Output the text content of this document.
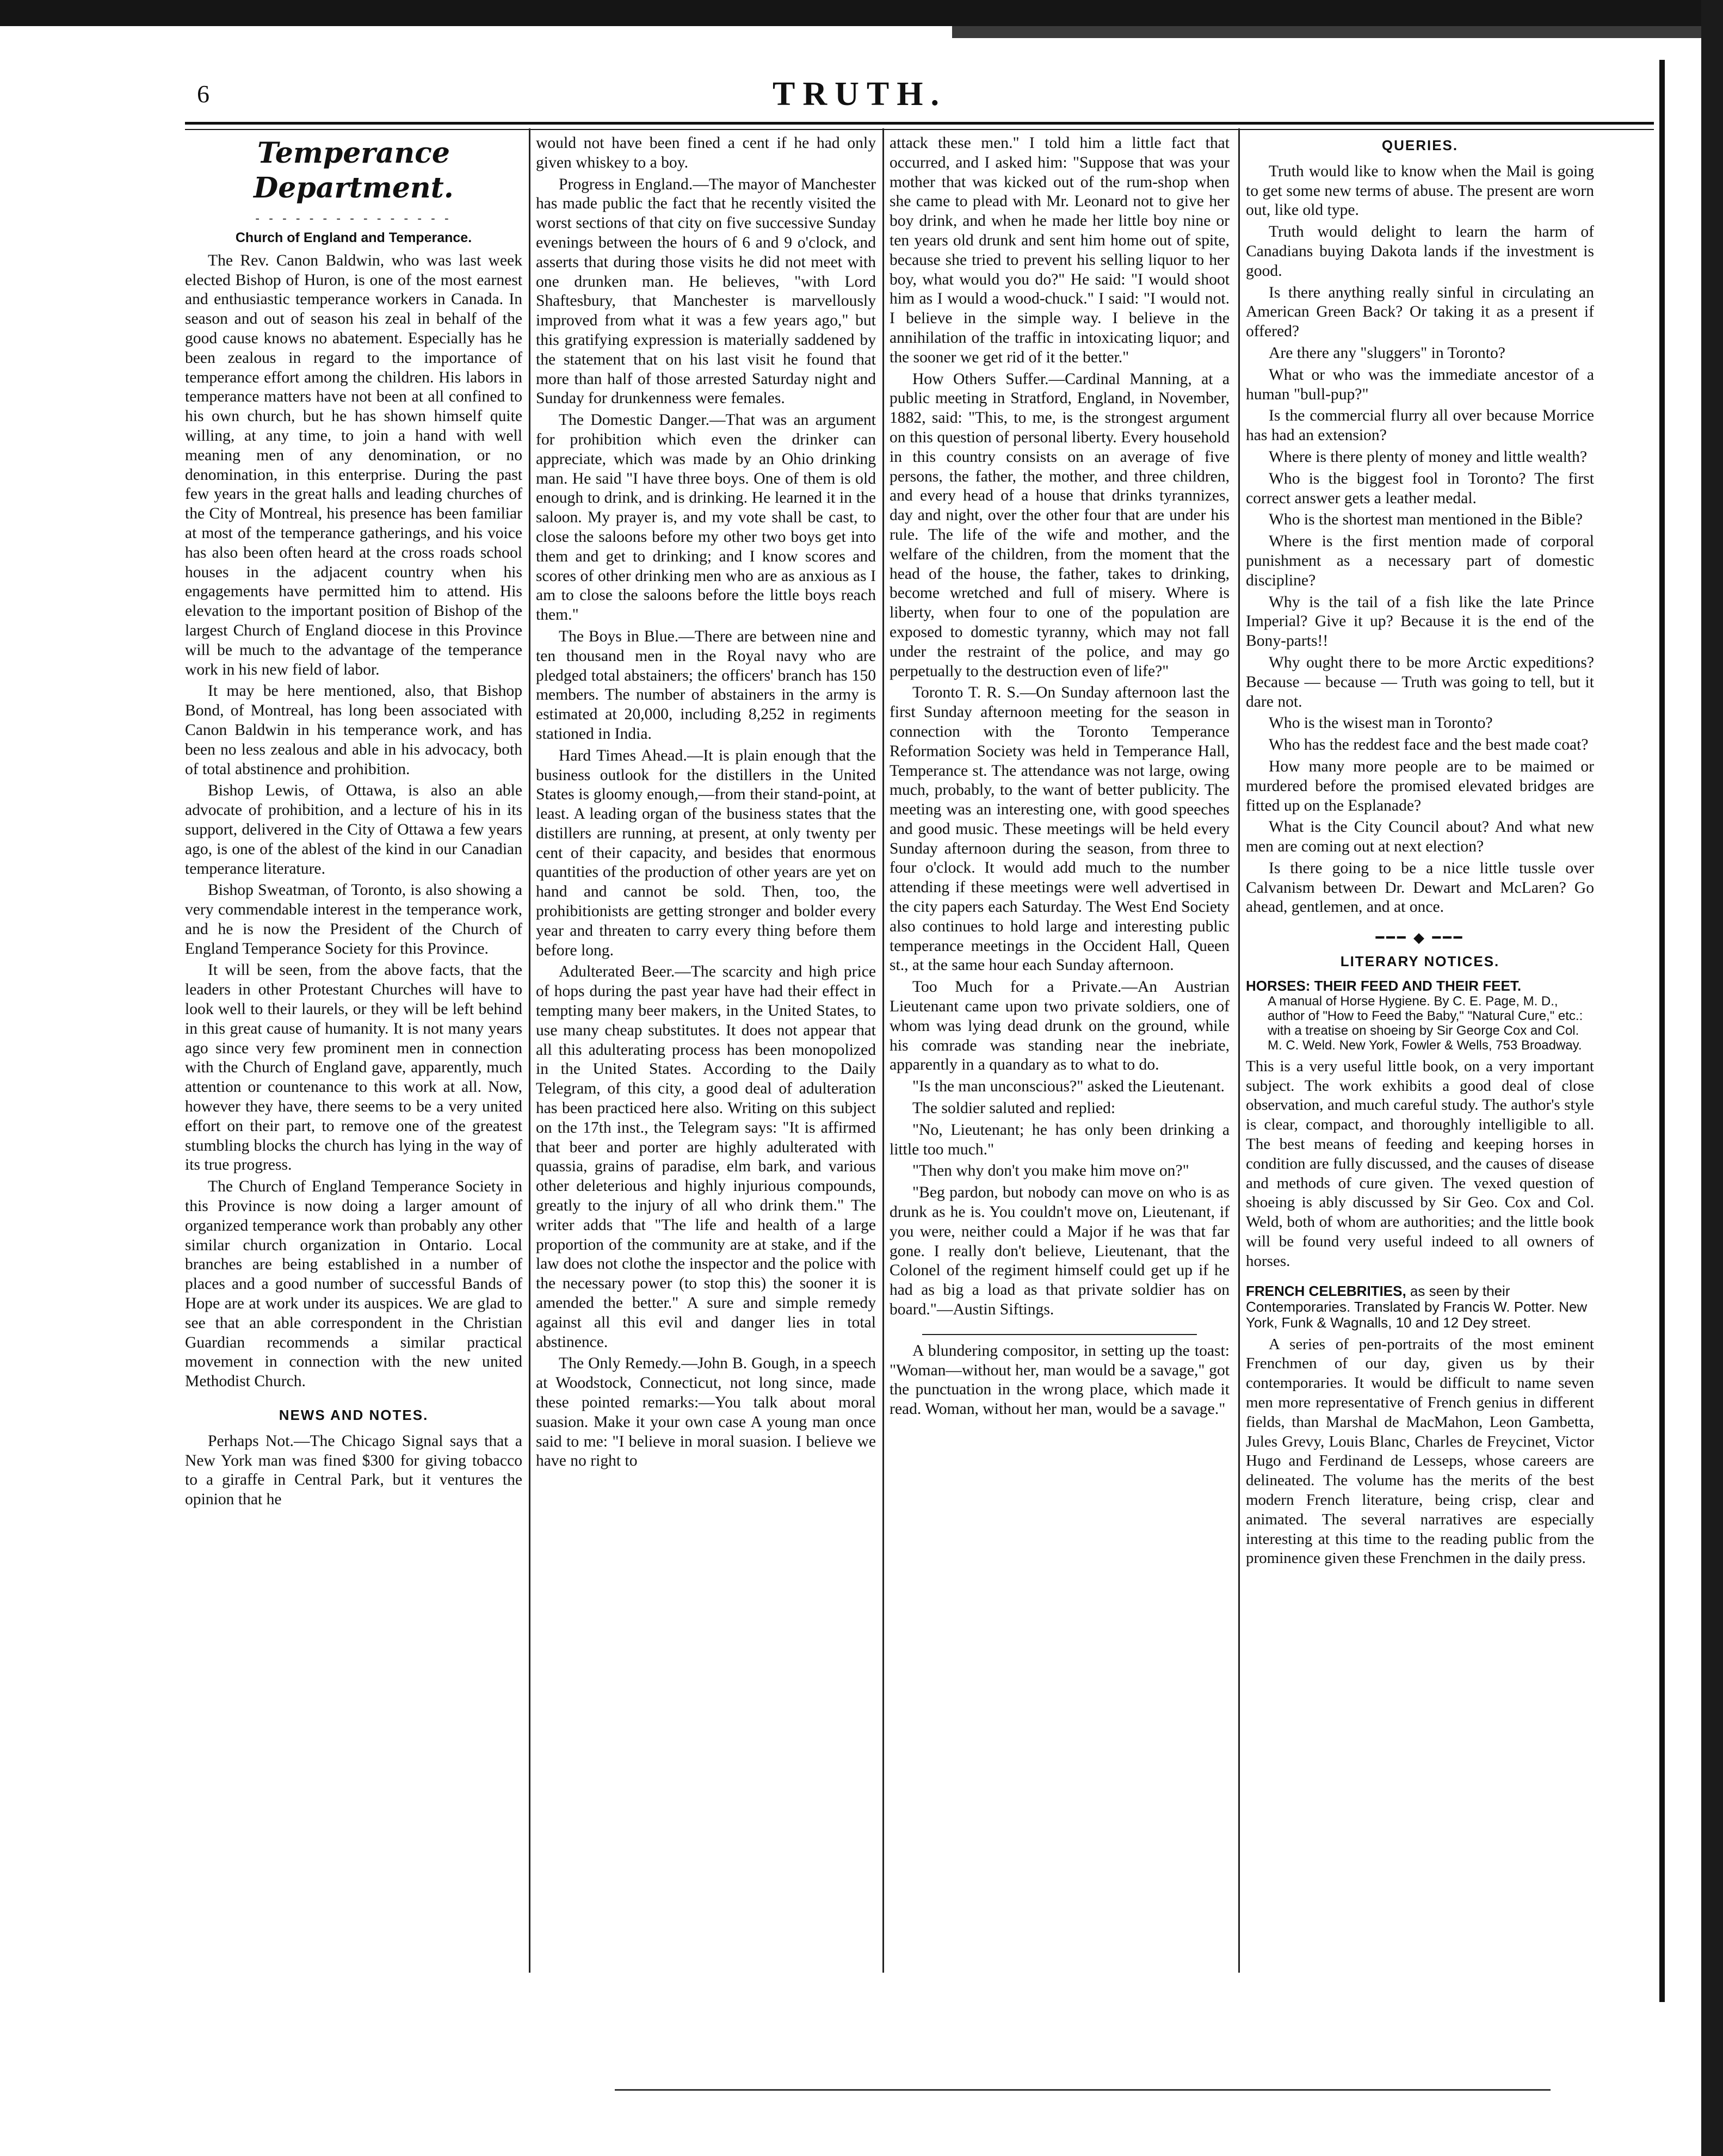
6	TRUTH.
Temperance Department.
- - - - - - - - - - - - - - -
Church of England and Temperance.

The Rev. Canon Baldwin, who was last week elected Bishop of Huron, is one of the most earnest and enthusiastic temperance workers in Canada. In season and out of season his zeal in behalf of the good cause knows no abatement. Especially has he been zealous in regard to the importance of temperance effort among the children. His labors in temperance matters have not been at all confined to his own church, but he has shown himself quite willing, at any time, to join a hand with well meaning men of any denomination, or no denomination, in this enterprise. During the past few years in the great halls and leading churches of the City of Montreal, his presence has been familiar at most of the temperance gatherings, and his voice has also been often heard at the cross roads school houses in the adjacent country when his engagements have permitted him to attend. His elevation to the important position of Bishop of the largest Church of England diocese in this Province will be much to the advantage of the temperance work in his new field of labor.

It may be here mentioned, also, that Bishop Bond, of Montreal, has long been associated with Canon Baldwin in his temperance work, and has been no less zealous and able in his advocacy, both of total abstinence and prohibition.

Bishop Lewis, of Ottawa, is also an able advocate of prohibition, and a lecture of his in its support, delivered in the City of Ottawa a few years ago, is one of the ablest of the kind in our Canadian temperance literature.

Bishop Sweatman, of Toronto, is also showing a very commendable interest in the temperance work, and he is now the President of the Church of England Temperance Society for this Province.

It will be seen, from the above facts, that the leaders in other Protestant Churches will have to look well to their laurels, or they will be left behind in this great cause of humanity. It is not many years ago since very few prominent men in connection with the Church of England gave, apparently, much attention or countenance to this work at all. Now, however they have, there seems to be a very united effort on their part, to remove one of the greatest stumbling blocks the church has lying in the way of its true progress.

The Church of England Temperance Society in this Province is now doing a larger amount of organized temperance work than probably any other similar church organization in Ontario. Local branches are being established in a number of places and a good number of successful Bands of Hope are at work under its auspices. We are glad to see that an able correspondent in the Christian Guardian recommends a similar practical movement in connection with the new united Methodist Church.

NEWS AND NOTES.

Perhaps Not.—The Chicago Signal says that a New York man was fined $300 for giving tobacco to a giraffe in Central Park, but it ventures the opinion that he

would not have been fined a cent if he had only given whiskey to a boy.

Progress in England.—The mayor of Manchester has made public the fact that he recently visited the worst sections of that city on five successive Sunday evenings between the hours of 6 and 9 o'clock, and asserts that during those visits he did not meet with one drunken man. He believes, "with Lord Shaftesbury, that Manchester is marvellously improved from what it was a few years ago," but this gratifying expression is materially saddened by the statement that on his last visit he found that more than half of those arrested Saturday night and Sunday for drunkenness were females.

The Domestic Danger.—That was an argument for prohibition which even the drinker can appreciate, which was made by an Ohio drinking man. He said "I have three boys. One of them is old enough to drink, and is drinking. He learned it in the saloon. My prayer is, and my vote shall be cast, to close the saloons before my other two boys get into them and get to drinking; and I know scores and scores of other drinking men who are as anxious as I am to close the saloons before the little boys reach them."

The Boys in Blue.—There are between nine and ten thousand men in the Royal navy who are pledged total abstainers; the officers' branch has 150 members. The number of abstainers in the army is estimated at 20,000, including 8,252 in regiments stationed in India.

Hard Times Ahead.—It is plain enough that the business outlook for the distillers in the United States is gloomy enough,—from their stand-point, at least. A leading organ of the business states that the distillers are running, at present, at only twenty per cent of their capacity, and besides that enormous quantities of the production of other years are yet on hand and cannot be sold. Then, too, the prohibitionists are getting stronger and bolder every year and threaten to carry every thing before them before long.

Adulterated Beer.—The scarcity and high price of hops during the past year have had their effect in tempting many beer makers, in the United States, to use many cheap substitutes. It does not appear that all this adulterating process has been monopolized in the United States. According to the Daily Telegram, of this city, a good deal of adulteration has been practiced here also. Writing on this subject on the 17th inst., the Telegram says: "It is affirmed that beer and porter are highly adulterated with quassia, grains of paradise, elm bark, and various other deleterious and highly injurious compounds, greatly to the injury of all who drink them." The writer adds that "The life and health of a large proportion of the community are at stake, and if the law does not clothe the inspector and the police with the necessary power (to stop this) the sooner it is amended the better." A sure and simple remedy against all this evil and danger lies in total abstinence.

The Only Remedy.—John B. Gough, in a speech at Woodstock, Connecticut, not long since, made these pointed remarks:—You talk about moral suasion. Make it your own case A young man once said to me: "I believe in moral suasion. I believe we have no right to

attack these men." I told him a little fact that occurred, and I asked him: "Suppose that was your mother that was kicked out of the rum-shop when she came to plead with Mr. Leonard not to give her boy drink, and when he made her little boy nine or ten years old drunk and sent him home out of spite, because she tried to prevent his selling liquor to her boy, what would you do?" He said: "I would shoot him as I would a wood-chuck." I said: "I would not. I believe in the simple way. I believe in the annihilation of the traffic in intoxicating liquor; and the sooner we get rid of it the better."

How Others Suffer.—Cardinal Manning, at a public meeting in Stratford, England, in November, 1882, said: "This, to me, is the strongest argument on this question of personal liberty. Every household in this country consists on an average of five persons, the father, the mother, and three children, and every head of a house that drinks tyrannizes, day and night, over the other four that are under his rule. The life of the wife and mother, and the welfare of the children, from the moment that the head of the house, the father, takes to drinking, become wretched and full of misery. Where is liberty, when four to one of the population are exposed to domestic tyranny, which may not fall under the restraint of the police, and may go perpetually to the destruction even of life?"

Toronto T. R. S.—On Sunday afternoon last the first Sunday afternoon meeting for the season in connection with the Toronto Temperance Reformation Society was held in Temperance Hall, Temperance st. The attendance was not large, owing much, probably, to the want of better publicity. The meeting was an interesting one, with good speeches and good music. These meetings will be held every Sunday afternoon during the season, from three to four o'clock. It would add much to the number attending if these meetings were well advertised in the city papers each Saturday. The West End Society also continues to hold large and interesting public temperance meetings in the Occident Hall, Queen st., at the same hour each Sunday afternoon.

Too Much for a Private.—An Austrian Lieutenant came upon two private soldiers, one of whom was lying dead drunk on the ground, while his comrade was standing near the inebriate, apparently in a quandary as to what to do.

"Is the man unconscious?" asked the Lieutenant.

The soldier saluted and replied:

"No, Lieutenant; he has only been drinking a little too much."

"Then why don't you make him move on?"

"Beg pardon, but nobody can move on who is as drunk as he is. You couldn't move on, Lieutenant, if you were, neither could a Major if he was that far gone. I really don't believe, Lieutenant, that the Colonel of the regiment himself could get up if he had as big a load as that private soldier has on board."—Austin Siftings.

A blundering compositor, in setting up the toast: "Woman—without her, man would be a savage," got the punctuation in the wrong place, which made it read. Woman, without her man, would be a savage."

QUERIES.

Truth would like to know when the Mail is going to get some new terms of abuse. The present are worn out, like old type.

Truth would delight to learn the harm of Canadians buying Dakota lands if the investment is good.

Is there anything really sinful in circulating an American Green Back? Or taking it as a present if offered?

Are there any "sluggers" in Toronto?

What or who was the immediate ancestor of a human "bull-pup?"

Is the commercial flurry all over because Morrice has had an extension?

Where is there plenty of money and little wealth?

Who is the biggest fool in Toronto? The first correct answer gets a leather medal.

Who is the shortest man mentioned in the Bible?

Where is the first mention made of corporal punishment as a necessary part of domestic discipline?

Why is the tail of a fish like the late Prince Imperial? Give it up? Because it is the end of the Bony-parts!!

Why ought there to be more Arctic expeditions? Because — because — Truth was going to tell, but it dare not.

Who is the wisest man in Toronto?

Who has the reddest face and the best made coat?

How many more people are to be maimed or murdered before the promised elevated bridges are fitted up on the Esplanade?

What is the City Council about? And what new men are coming out at next election?

Is there going to be a nice little tussle over Calvanism between Dr. Dewart and McLaren? Go ahead, gentlemen, and at once.

━━━ ◆ ━━━
LITERARY NOTICES.
HORSES: THEIR FEED AND THEIR FEET.
A manual of Horse Hygiene. By C. E. Page, M. D., author of "How to Feed the Baby," "Natural Cure," etc.: with a treatise on shoeing by Sir George Cox and Col. M. C. Weld. New York, Fowler & Wells, 753 Broadway.

This is a very useful little book, on a very important subject. The work exhibits a good deal of close observation, and much careful study. The author's style is clear, compact, and thoroughly intelligible to all. The best means of feeding and keeping horses in condition are fully discussed, and the causes of disease and methods of cure given. The vexed question of shoeing is ably discussed by Sir Geo. Cox and Col. Weld, both of whom are authorities; and the little book will be found very useful indeed to all owners of horses.

FRENCH CELEBRITIES, as seen by their Contemporaries. Translated by Francis W. Potter. New York, Funk & Wagnalls, 10 and 12 Dey street.

A series of pen-portraits of the most eminent Frenchmen of our day, given us by their contemporaries. It would be difficult to name seven men more representative of French genius in different fields, than Marshal de MacMahon, Leon Gambetta, Jules Grevy, Louis Blanc, Charles de Freycinet, Victor Hugo and Ferdinand de Lesseps, whose careers are delineated. The volume has the merits of the best modern French literature, being crisp, clear and animated. The several narratives are especially interesting at this time to the reading public from the prominence given these Frenchmen in the daily press.
